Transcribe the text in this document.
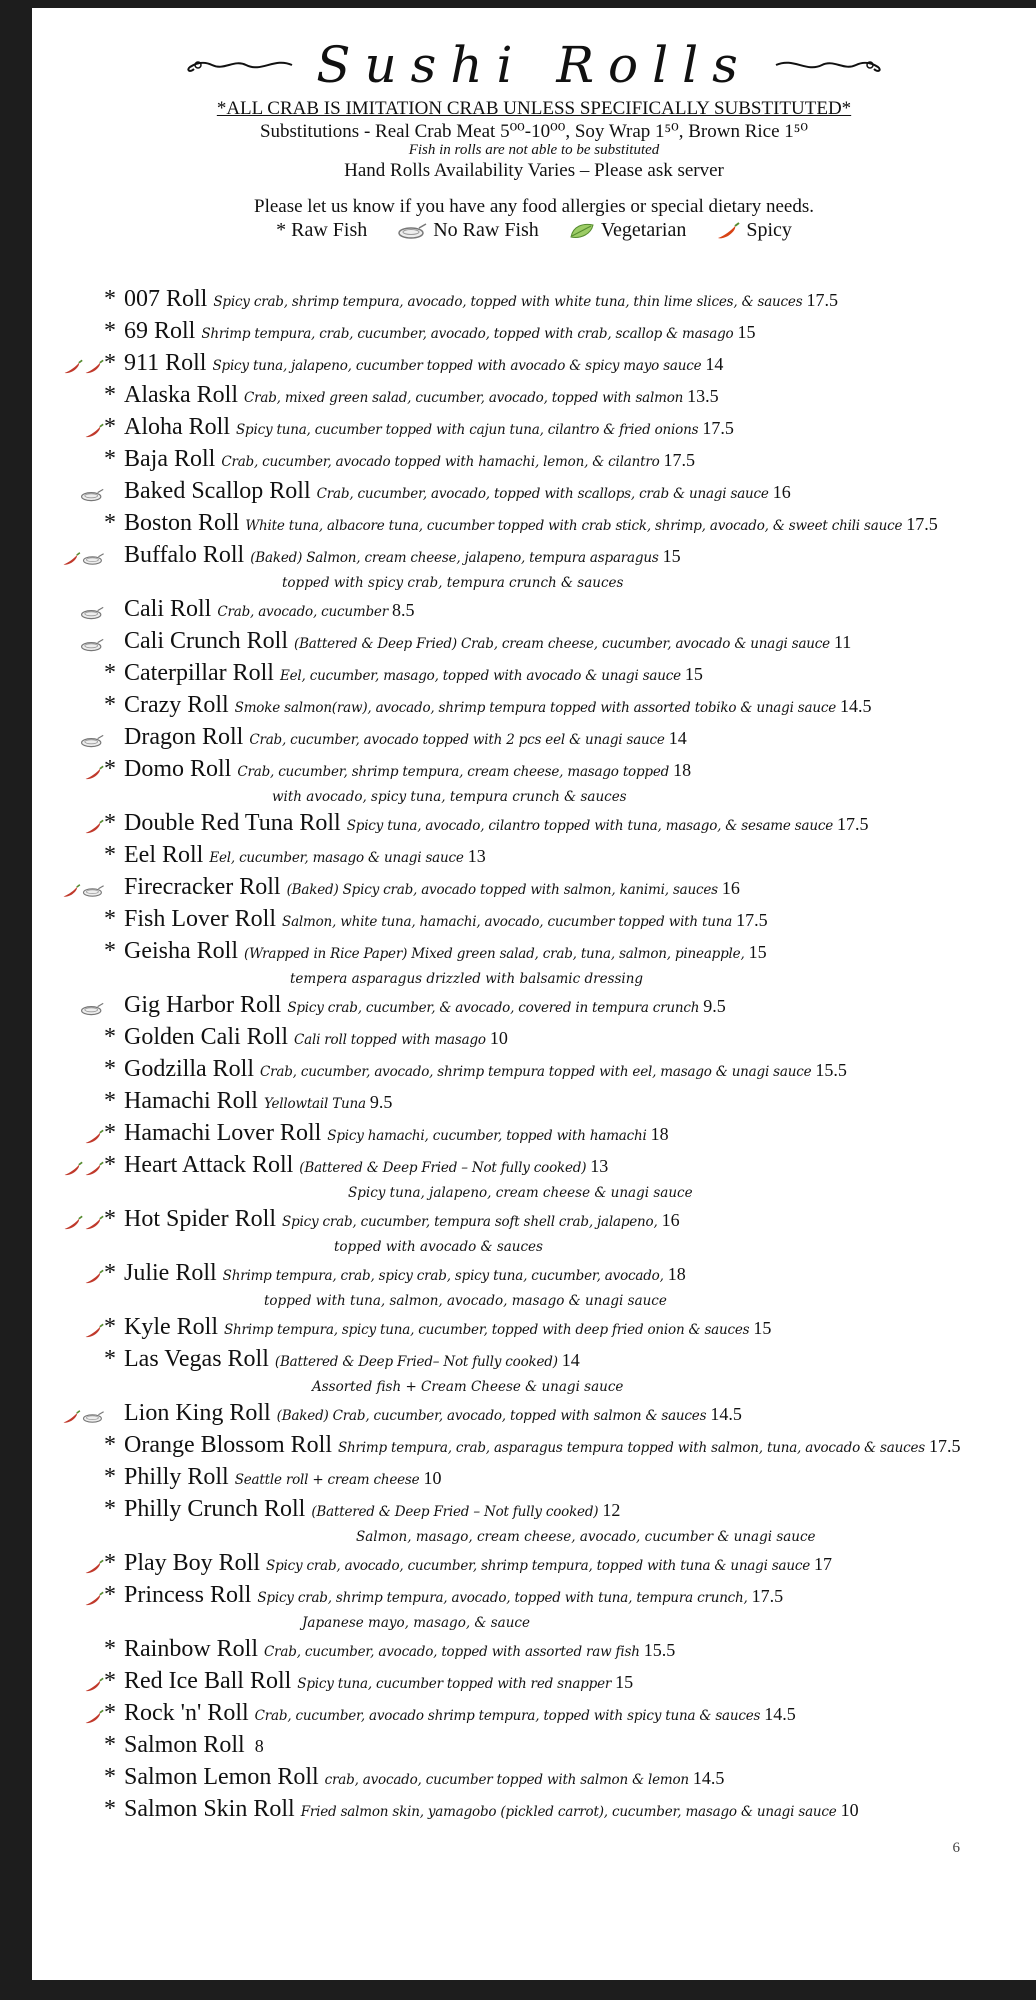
Sushi Rolls
*ALL CRAB IS IMITATION CRAB UNLESS SPECIFICALLY SUBSTITUTED*
Substitutions - Real Crab Meat 5⁰⁰-10⁰⁰, Soy Wrap 1⁵⁰, Brown Rice 1⁵⁰
Fish in rolls are not able to be substituted
Hand Rolls Availability Varies – Please ask server
Please let us know if you have any food allergies or special dietary needs.
* Raw Fish	No Raw Fish	Vegetarian	Spicy
* 007 Roll Spicy crab, shrimp tempura, avocado, topped with white tuna, thin lime slices, & sauces 17.5
* 69 Roll Shrimp tempura, crab, cucumber, avocado, topped with crab, scallop & masago 15
* 911 Roll Spicy tuna, jalapeno, cucumber topped with avocado & spicy mayo sauce 14
* Alaska Roll Crab, mixed green salad, cucumber, avocado, topped with salmon 13.5
* Aloha Roll Spicy tuna, cucumber topped with cajun tuna, cilantro & fried onions 17.5
* Baja Roll Crab, cucumber, avocado topped with hamachi, lemon, & cilantro 17.5
Baked Scallop Roll Crab, cucumber, avocado, topped with scallops, crab & unagi sauce 16
* Boston Roll White tuna, albacore tuna, cucumber topped with crab stick, shrimp, avocado, & sweet chili sauce 17.5
Buffalo Roll (Baked) Salmon, cream cheese, jalapeno, tempura asparagus 15
topped with spicy crab, tempura crunch & sauces
Cali Roll Crab, avocado, cucumber 8.5
Cali Crunch Roll (Battered & Deep Fried) Crab, cream cheese, cucumber, avocado & unagi sauce 11
* Caterpillar Roll Eel, cucumber, masago, topped with avocado & unagi sauce 15
* Crazy Roll Smoke salmon(raw), avocado, shrimp tempura topped with assorted tobiko & unagi sauce 14.5
Dragon Roll Crab, cucumber, avocado topped with 2 pcs eel & unagi sauce 14
* Domo Roll Crab, cucumber, shrimp tempura, cream cheese, masago topped 18
with avocado, spicy tuna, tempura crunch & sauces
* Double Red Tuna Roll Spicy tuna, avocado, cilantro topped with tuna, masago, & sesame sauce 17.5
* Eel Roll Eel, cucumber, masago & unagi sauce 13
Firecracker Roll (Baked) Spicy crab, avocado topped with salmon, kanimi, sauces 16
* Fish Lover Roll Salmon, white tuna, hamachi, avocado, cucumber topped with tuna 17.5
* Geisha Roll (Wrapped in Rice Paper) Mixed green salad, crab, tuna, salmon, pineapple, 15
tempera asparagus drizzled with balsamic dressing
Gig Harbor Roll Spicy crab, cucumber, & avocado, covered in tempura crunch 9.5
* Golden Cali Roll Cali roll topped with masago 10
* Godzilla Roll Crab, cucumber, avocado, shrimp tempura topped with eel, masago & unagi sauce 15.5
* Hamachi Roll Yellowtail Tuna 9.5
* Hamachi Lover Roll Spicy hamachi, cucumber, topped with hamachi 18
* Heart Attack Roll (Battered & Deep Fried – Not fully cooked) 13
Spicy tuna, jalapeno, cream cheese & unagi sauce
* Hot Spider Roll Spicy crab, cucumber, tempura soft shell crab, jalapeno, 16
topped with avocado & sauces
* Julie Roll Shrimp tempura, crab, spicy crab, spicy tuna, cucumber, avocado, 18
topped with tuna, salmon, avocado, masago & unagi sauce
* Kyle Roll Shrimp tempura, spicy tuna, cucumber, topped with deep fried onion & sauces 15
* Las Vegas Roll (Battered & Deep Fried– Not fully cooked) 14
Assorted fish + Cream Cheese & unagi sauce
Lion King Roll (Baked) Crab, cucumber, avocado, topped with salmon & sauces 14.5
* Orange Blossom Roll Shrimp tempura, crab, asparagus tempura topped with salmon, tuna, avocado & sauces 17.5
* Philly Roll Seattle roll + cream cheese 10
* Philly Crunch Roll (Battered & Deep Fried – Not fully cooked) 12
Salmon, masago, cream cheese, avocado, cucumber & unagi sauce
* Play Boy Roll Spicy crab, avocado, cucumber, shrimp tempura, topped with tuna & unagi sauce 17
* Princess Roll Spicy crab, shrimp tempura, avocado, topped with tuna, tempura crunch, 17.5
Japanese mayo, masago, & sauce
* Rainbow Roll Crab, cucumber, avocado, topped with assorted raw fish 15.5
* Red Ice Ball Roll Spicy tuna, cucumber topped with red snapper 15
* Rock 'n' Roll Crab, cucumber, avocado shrimp tempura, topped with spicy tuna & sauces 14.5
* Salmon Roll 8
* Salmon Lemon Roll crab, avocado, cucumber topped with salmon & lemon 14.5
* Salmon Skin Roll Fried salmon skin, yamagobo (pickled carrot), cucumber, masago & unagi sauce 10
6
